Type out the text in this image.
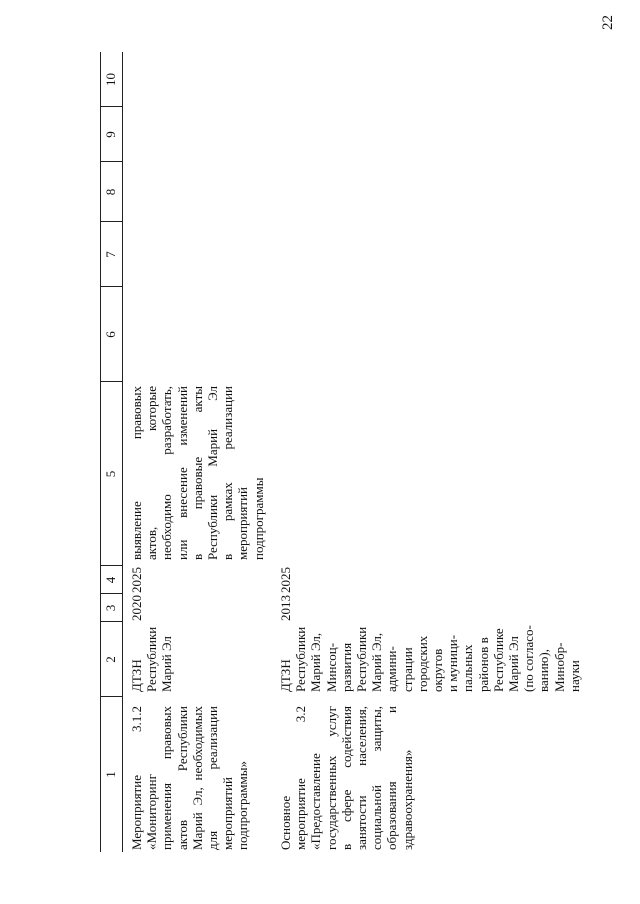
22
1
2
3
4
5
6
7
8
9
10
Мероприятие 3.1.2 «Мониторинг применения правовых актов Республики Марий Эл, необходимых для реализации мероприятий подпрограммы»
ДТЗН Республики Марий Эл
2020
2025
выявление правовых актов, которые необходимо разработать, или внесение изменений в правовые акты Республики Марий Эл в рамках реализации мероприятий подпрограммы
Основное мероприятие 3.2 «Предоставление государственных услуг в сфере содействия занятости населения, социальной защиты, образования и здравоохранения»
ДТЗН Республики Марий Эл, Минсоц- развития Республики Марий Эл, админи- страции городских округов и муници- пальных районов в Республике Марий Эл (по согласо- ванию), Минобр- науки
2013
2025
